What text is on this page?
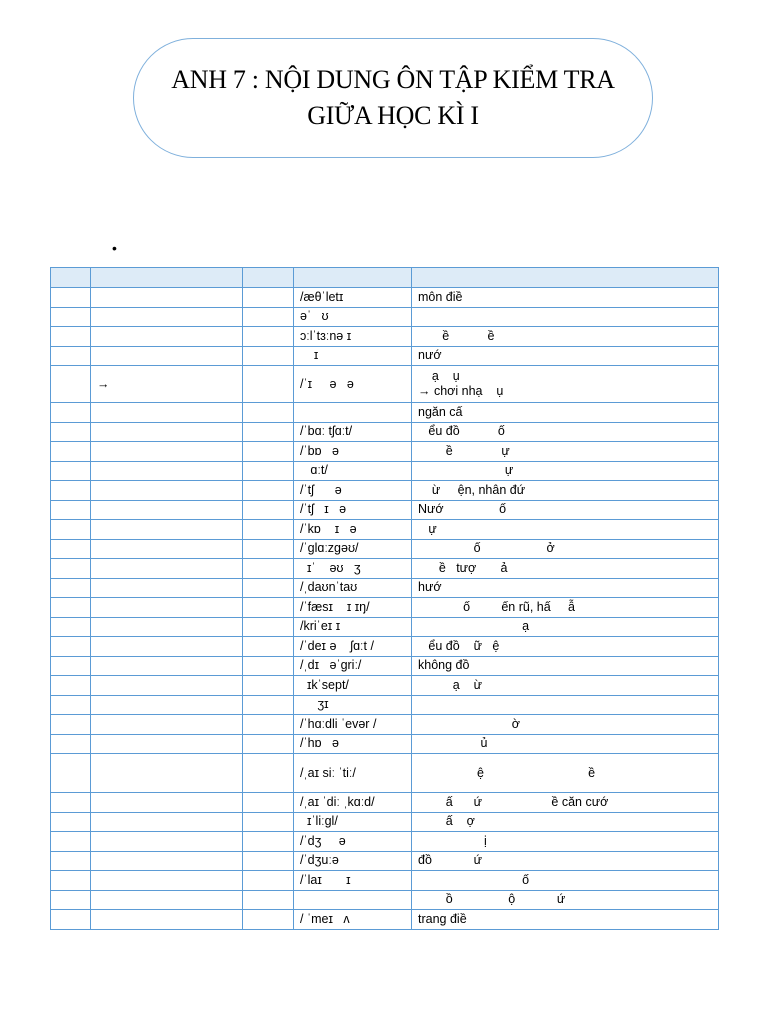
ANH 7 : NỘI DUNG ÔN TẬP KIỂM TRA
GIỮA HỌC KÌ I
•

			/æθˈletɪ	môn điề
			əˈ   ʊ	
			ɔːlˈtɜːnə ɪ	ề           ề
			ɪ	nướ
	→		/ˈɪ     ə   ə	ạ    ụ
→ chơi nhạ    ụ

				ngăn cấ
			/ˈbɑː tʃɑːt/	ểu đồ           ố
			/ˈbɒ   ə	ề              ự
			ɑːt/	ự
			/ˈtʃ      ə	ừ     ện, nhân đứ
			/ˈtʃ   ɪ   ə	Nướ                ố
			/ˈkɒ    ɪ   ə	ự
			/ˈglɑːzgəʊ/	ố                   ở
			ɪˈ    əʊ   ʒ	ề   tượ       ả
			/ˌdaʊnˈtaʊ	hướ
			/ˈfæsɪ    ɪ ɪŋ/	ố         ến rũ, hấ     ẫ
			/kriˈeɪ ɪ	ạ
			/ˈdeɪ ə    ʃɑːt /	ểu đồ    ữ   ệ
			/ˌdɪ   əˈgriː/	không đồ
			ɪkˈsept/	ạ    ừ
			ʒɪ	
			/ˈhɑːdli ˈevər /	ờ
			/ˈhɒ   ə	ủ
			/ˌaɪ siː ˈtiː/	ệ                              ề

			/ˌaɪ ˈdiː ˌkɑːd/	ấ      ứ                    ề căn cướ
			ɪˈliːgl/	ấ    ợ
			/ˈdʒ     ə	ị
			/ˈdʒuːə	đồ            ứ
			/ˈlaɪ       ɪ	ố
				ồ                ộ            ứ
			/ ˈmeɪ   ʌ	trang điề
